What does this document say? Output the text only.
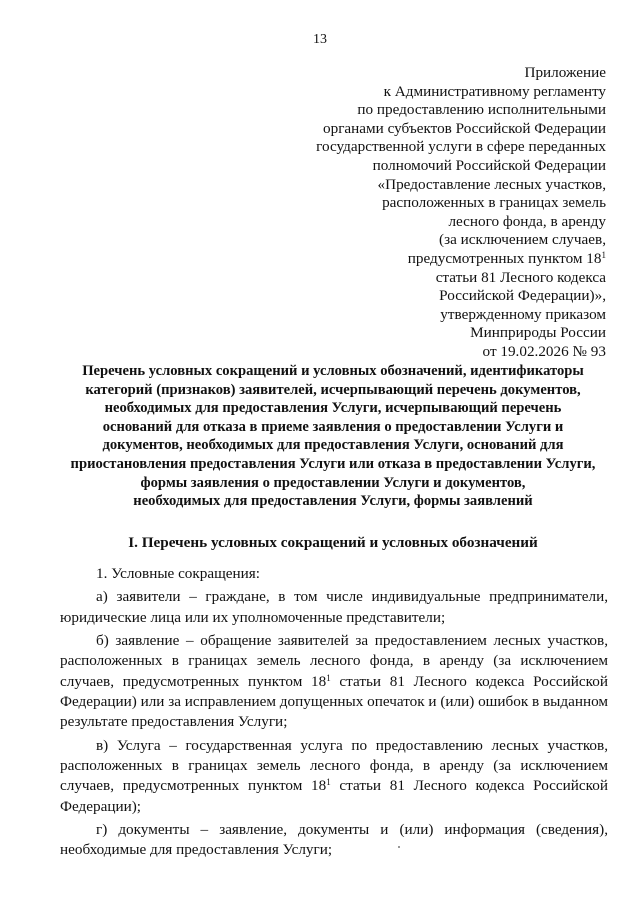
13
Приложение
к Административному регламенту
по предоставлению исполнительными
органами субъектов Российской Федерации
государственной услуги в сфере переданных
полномочий Российской Федерации
«Предоставление лесных участков,
расположенных в границах земель
лесного фонда, в аренду
(за исключением случаев,
предусмотренных пунктом $18^1$
статьи 81 Лесного кодекса
Российской Федерации)»,
утвержденному приказом
Минприроды России
от 19.02.2026 № 93
Перечень условных сокращений и условных обозначений, идентификаторы
категорий (признаков) заявителей, исчерпывающий перечень документов,
необходимых для предоставления Услуги, исчерпывающий перечень
оснований для отказа в приеме заявления о предоставлении Услуги и
документов, необходимых для предоставления Услуги, оснований для
приостановления предоставления Услуги или отказа в предоставлении Услуги,
формы заявления о предоставлении Услуги и документов,
необходимых для предоставления Услуги, формы заявлений
I. Перечень условных сокращений и условных обозначений

1. Условные сокращения:

а) заявители – граждане, в том числе индивидуальные предприниматели,
юридические лица или их уполномоченные представители;

б) заявление – обращение заявителей за предоставлением лесных участков,
расположенных в границах земель лесного фонда, в аренду (за исключением
случаев, предусмотренных пунктом $18^1$ статьи 81 Лесного кодекса Российской
Федерации) или за исправлением допущенных опечаток и (или) ошибок в выданном
результате предоставления Услуги;

в) Услуга – государственная услуга по предоставлению лесных участков,
расположенных в границах земель лесного фонда, в аренду (за исключением
случаев, предусмотренных пунктом $18^1$ статьи 81 Лесного кодекса Российской
Федерации);

г) документы – заявление, документы и (или) информация (сведения),
необходимые для предоставления Услуги;
